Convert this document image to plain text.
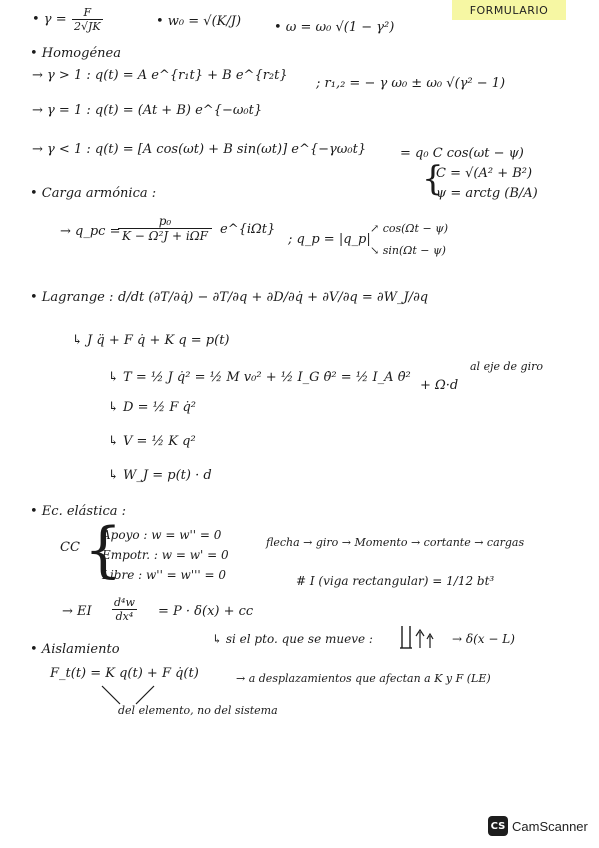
FORMULARIO
• $\gamma = \frac{F}{2√JK}$	• w₀ = √(K/J)	• ω = ω₀ √(1 − γ²)
• Homogénea
→ γ > 1 : q(t) = A e^{r₁t} + B e^{r₂t}
; r₁,₂ = − γ ω₀ ± ω₀ √(γ² − 1)
→ γ = 1 : q(t) = (At + B) e^{−ω₀t}
→ γ < 1 : q(t) = [A cos(ωt) + B sin(ωt)] e^{−γω₀t}	= q₀ C cos(ωt − ψ)
{
C = √(A² + B²)
ψ = arctg (B/A)
• Carga armónica :
→ q_pc =
$\frac{\text{p₀}}{\text{K − Ω²J + iΩF}}$ e^{iΩt}
; q_p = |q_p|
↗ cos(Ωt − ψ)
↘ sin(Ωt − ψ)
• Lagrange : d/dt (∂T/∂q̇) − ∂T/∂q + ∂D/∂q̇ + ∂V/∂q = ∂W_J/∂q
↳ J q̈ + F q̇ + K q = p(t)
↳ T = ½ J q̇² = ½ M v₀² + ½ I_G θ̇² = ½ I_A θ̇²
+ Ω·d
al eje de giro
↳ D = ½ F q̇²
↳ V = ½ K q²
↳ W_J = p(t) · d
• Ec. elástica :
CC {
Apoyo : w = w'' = 0
Empotr. : w = w' = 0
Libre : w'' = w''' = 0
flecha → giro → Momento → cortante → cargas
# I (viga rectangular) = 1/12 bt³
→ EI $\frac{\text{d⁴w}}{\text{dx⁴}} = P \cdot \delta(x)$ + cc
↳ si el pto. que se mueve :	→ δ(x − L)
• Aislamiento
F_t(t) = K q(t) + F q̇(t)	→ a desplazamientos que afectan a K y F (LE)
del elemento, no del sistema
CS CamScanner
